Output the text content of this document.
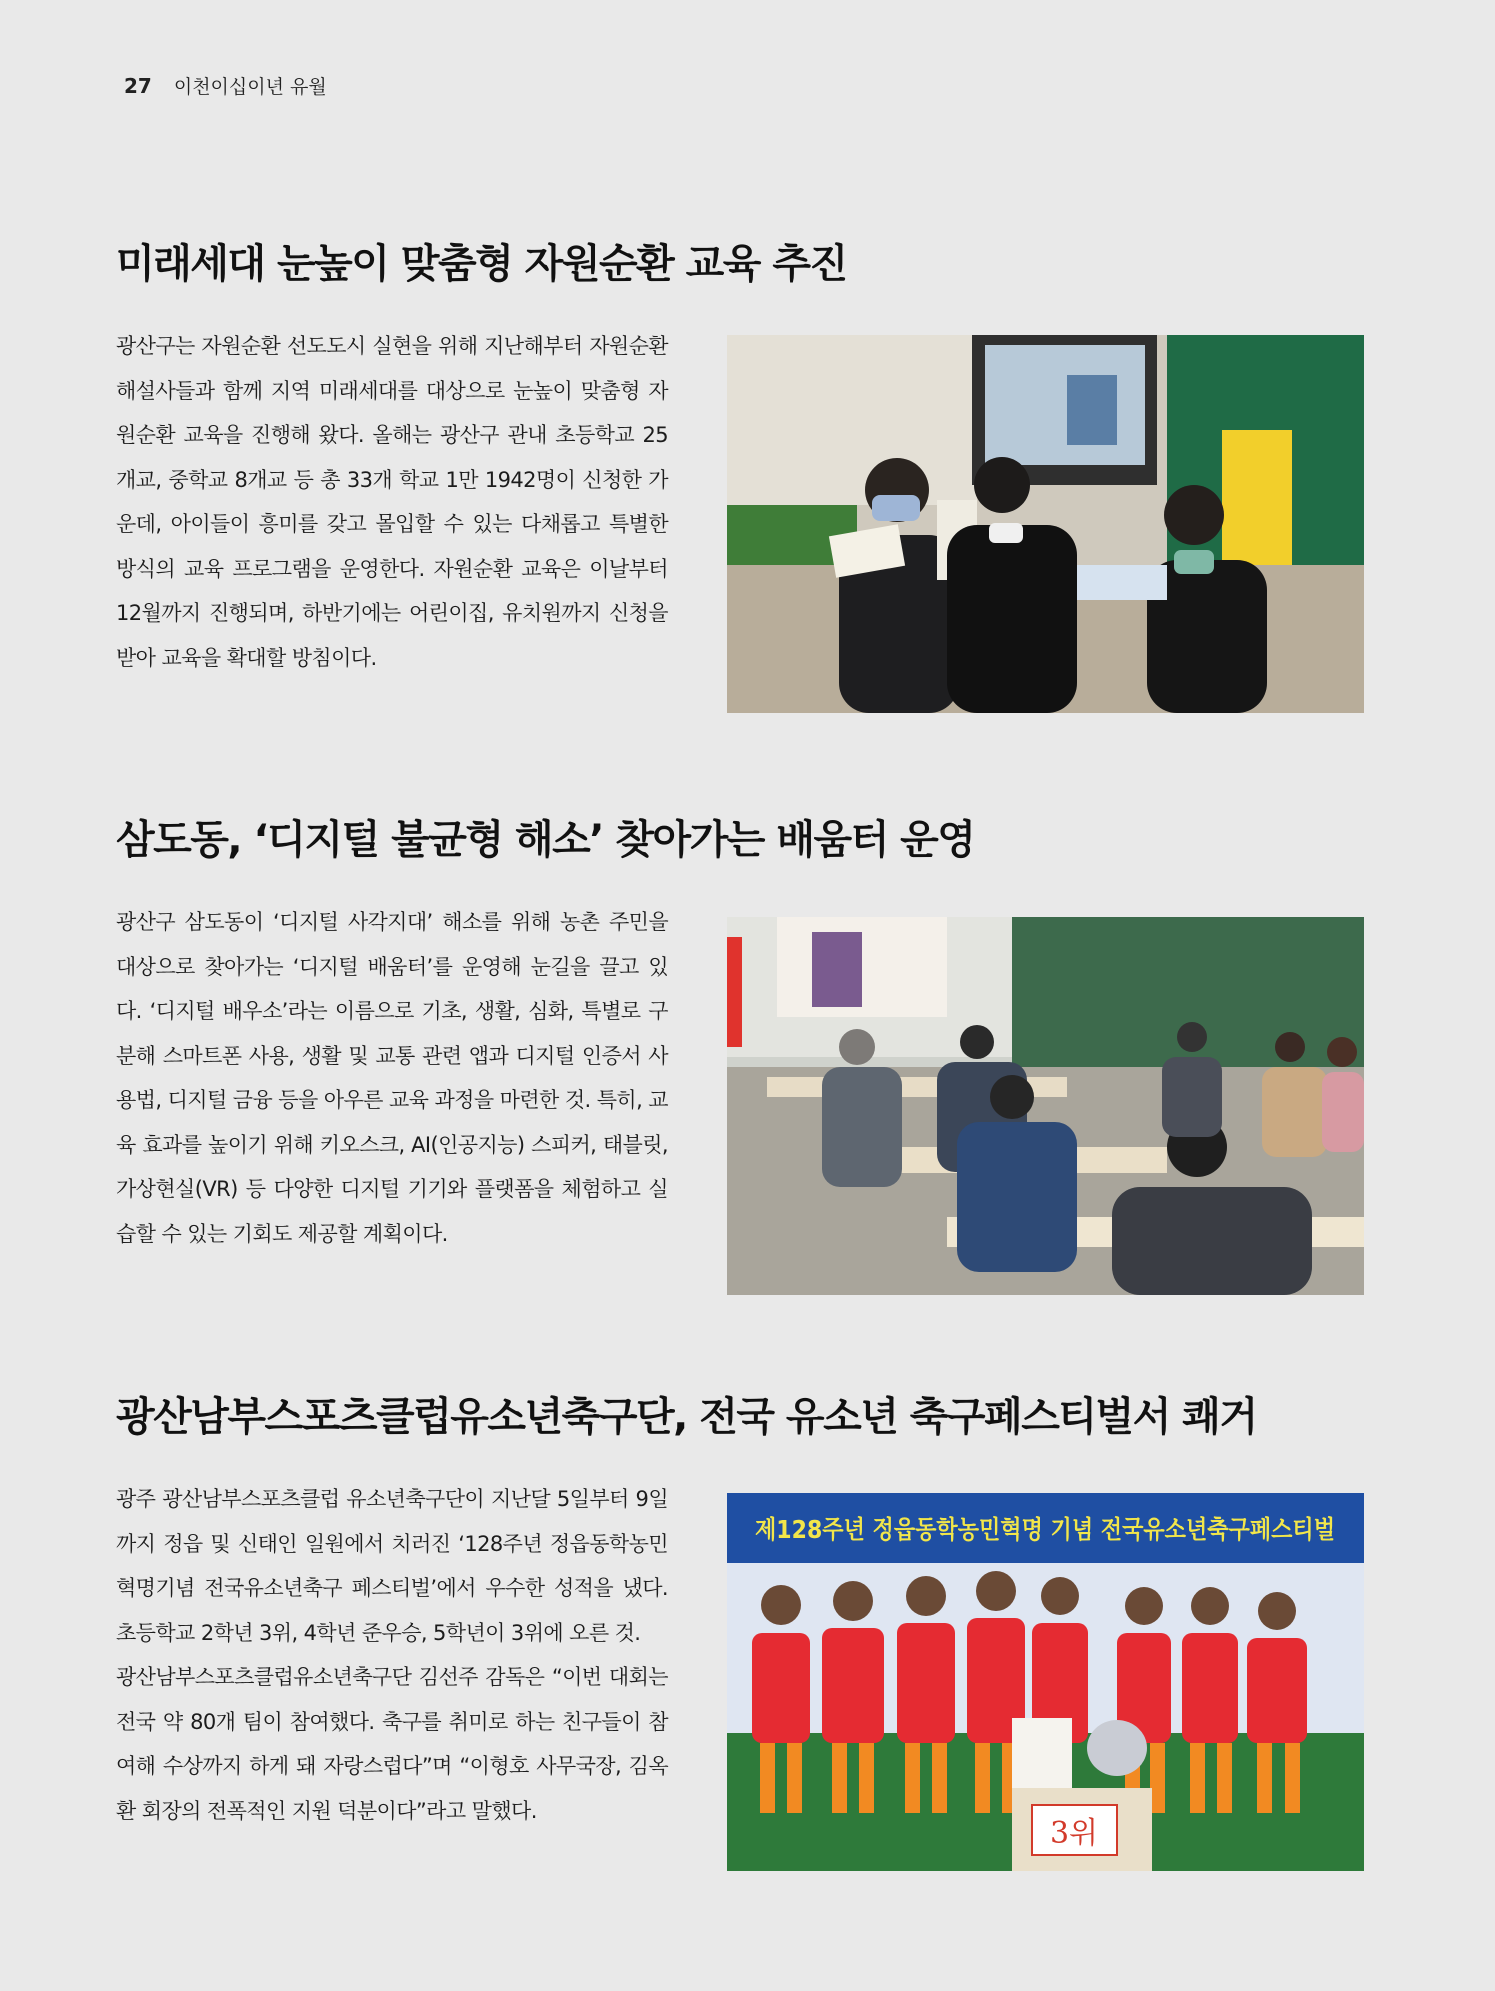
27 이천이십이년 유월
미래세대 눈높이 맞춤형 자원순환 교육 추진

광산구는 자원순환 선도도시 실현을 위해 지난해부터 자원순환 해설사들과 함께 지역 미래세대를 대상으로 눈높이 맞춤형 자원순환 교육을 진행해 왔다. 올해는 광산구 관내 초등학교 25개교, 중학교 8개교 등 총 33개 학교 1만 1942명이 신청한 가운데, 아이들이 흥미를 갖고 몰입할 수 있는 다채롭고 특별한 방식의 교육 프로그램을 운영한다. 자원순환 교육은 이날부터 12월까지 진행되며, 하반기에는 어린이집, 유치원까지 신청을 받아 교육을 확대할 방침이다.

삼도동, ‘디지털 불균형 해소’ 찾아가는 배움터 운영

광산구 삼도동이 ‘디지털 사각지대’ 해소를 위해 농촌 주민을 대상으로 찾아가는 ‘디지털 배움터’를 운영해 눈길을 끌고 있다. ‘디지털 배우소’라는 이름으로 기초, 생활, 심화, 특별로 구분해 스마트폰 사용, 생활 및 교통 관련 앱과 디지털 인증서 사용법, 디지털 금융 등을 아우른 교육 과정을 마련한 것. 특히, 교육 효과를 높이기 위해 키오스크, AI(인공지능) 스피커, 태블릿, 가상현실(VR) 등 다양한 디지털 기기와 플랫폼을 체험하고 실습할 수 있는 기회도 제공할 계획이다.

광산남부스포츠클럽유소년축구단, 전국 유소년 축구페스티벌서 쾌거

광주 광산남부스포츠클럽 유소년축구단이 지난달 5일부터 9일까지 정읍 및 신태인 일원에서 치러진 ‘128주년 정읍동학농민혁명기념 전국유소년축구 페스티벌’에서 우수한 성적을 냈다. 초등학교 2학년 3위, 4학년 준우승, 5학년이 3위에 오른 것.

광산남부스포츠클럽유소년축구단 김선주 감독은 “이번 대회는 전국 약 80개 팀이 참여했다. 축구를 취미로 하는 친구들이 참여해 수상까지 하게 돼 자랑스럽다”며 “이형호 사무국장, 김옥환 회장의 전폭적인 지원 덕분이다”라고 말했다.

제128주년 정읍동학농민혁명 기념 전국유소년축구페스티벌
3위
